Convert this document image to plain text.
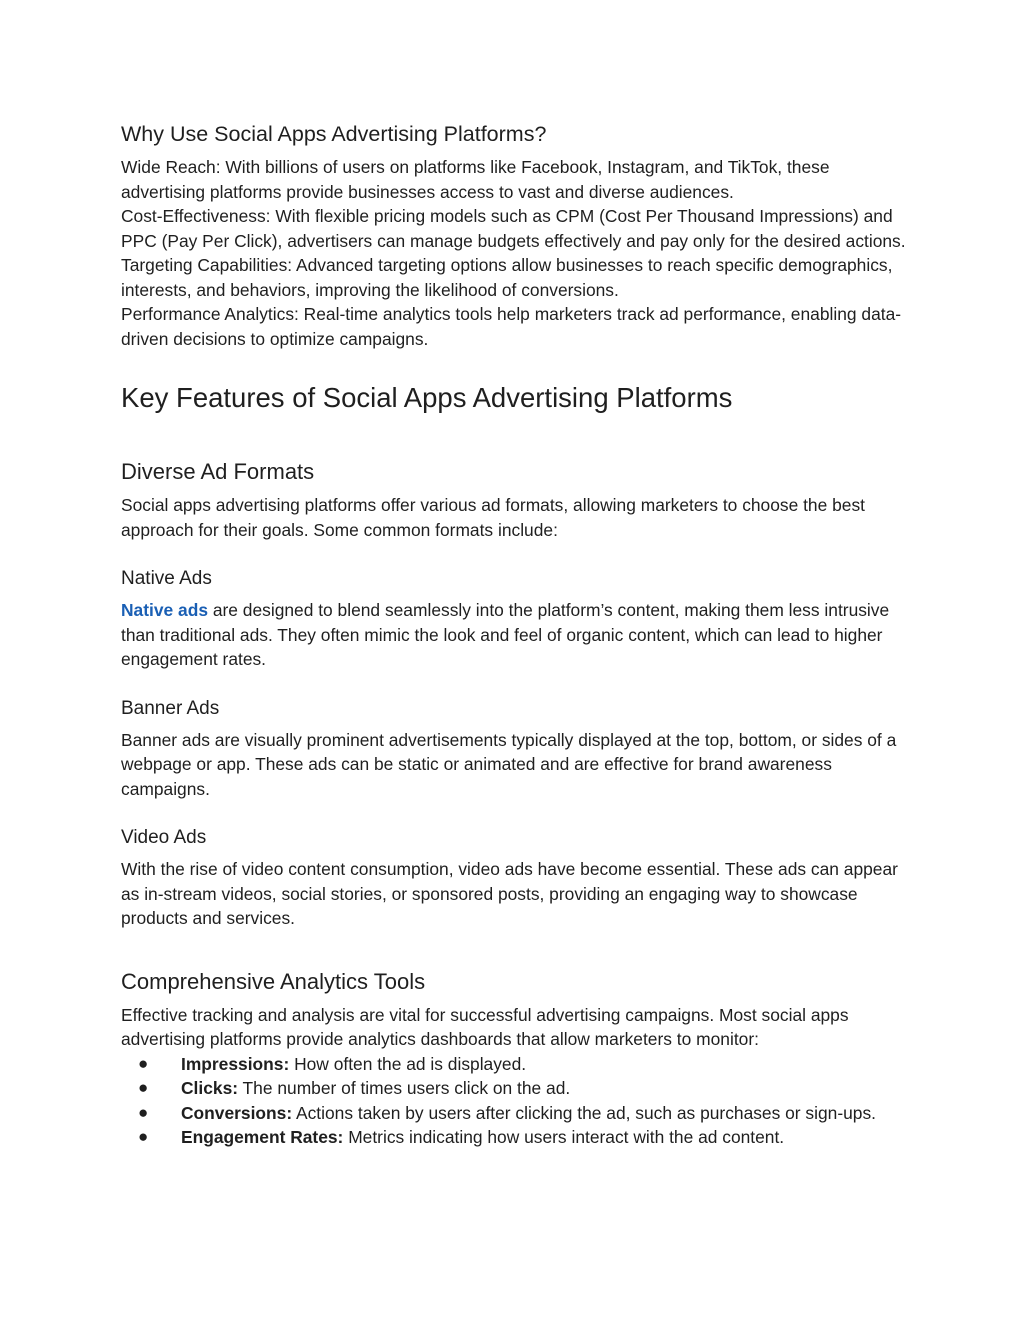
Why Use Social Apps Advertising Platforms?

Wide Reach: With billions of users on platforms like Facebook, Instagram, and TikTok, these advertising platforms provide businesses access to vast and diverse audiences.

Cost-Effectiveness: With flexible pricing models such as CPM (Cost Per Thousand Impressions) and PPC (Pay Per Click), advertisers can manage budgets effectively and pay only for the desired actions.

Targeting Capabilities: Advanced targeting options allow businesses to reach specific demographics, interests, and behaviors, improving the likelihood of conversions.

Performance Analytics: Real-time analytics tools help marketers track ad performance, enabling data-driven decisions to optimize campaigns.

Key Features of Social Apps Advertising Platforms
Diverse Ad Formats

Social apps advertising platforms offer various ad formats, allowing marketers to choose the best approach for their goals. Some common formats include:

Native Ads

Native ads are designed to blend seamlessly into the platform’s content, making them less intrusive than traditional ads. They often mimic the look and feel of organic content, which can lead to higher engagement rates.

Banner Ads

Banner ads are visually prominent advertisements typically displayed at the top, bottom, or sides of a webpage or app. These ads can be static or animated and are effective for brand awareness campaigns.

Video Ads

With the rise of video content consumption, video ads have become essential. These ads can appear as in-stream videos, social stories, or sponsored posts, providing an engaging way to showcase products and services.

Comprehensive Analytics Tools

Effective tracking and analysis are vital for successful advertising campaigns. Most social apps advertising platforms provide analytics dashboards that allow marketers to monitor:

● Impressions: How often the ad is displayed.
● Clicks: The number of times users click on the ad.
● Conversions: Actions taken by users after clicking the ad, such as purchases or sign-ups.
● Engagement Rates: Metrics indicating how users interact with the ad content.
